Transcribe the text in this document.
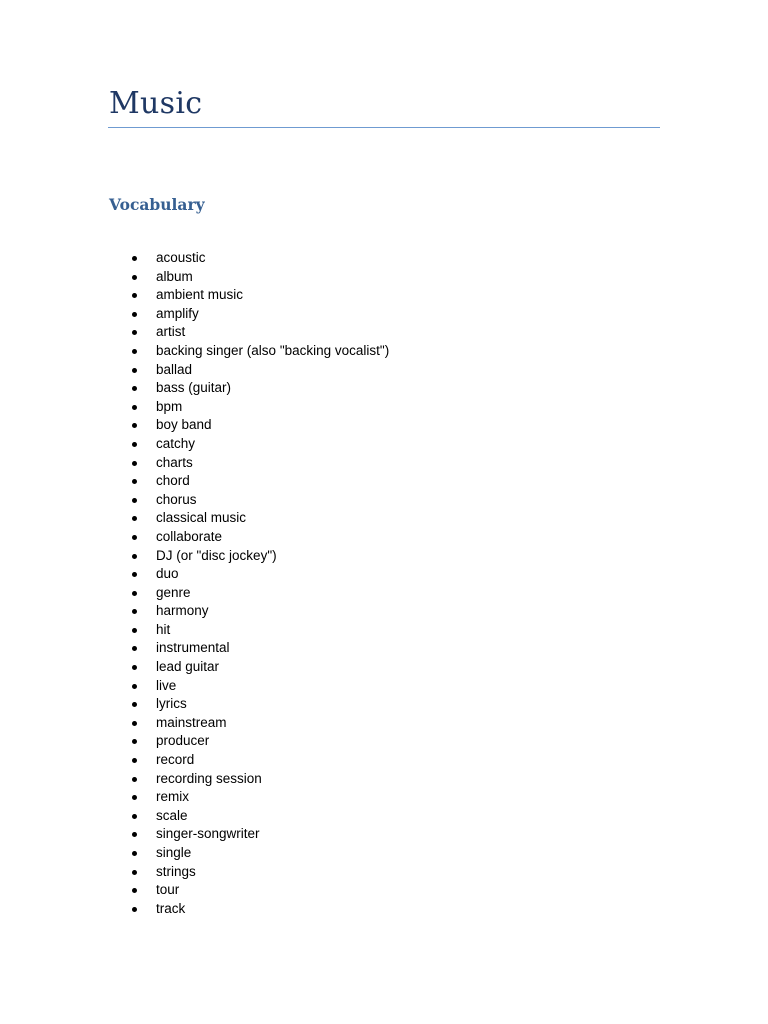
Music
Vocabulary
acoustic
album
ambient music
amplify
artist
backing singer (also "backing vocalist")
ballad
bass (guitar)
bpm
boy band
catchy
charts
chord
chorus
classical music
collaborate
DJ (or "disc jockey")
duo
genre
harmony
hit
instrumental
lead guitar
live
lyrics
mainstream
producer
record
recording session
remix
scale
singer-songwriter
single
strings
tour
track
